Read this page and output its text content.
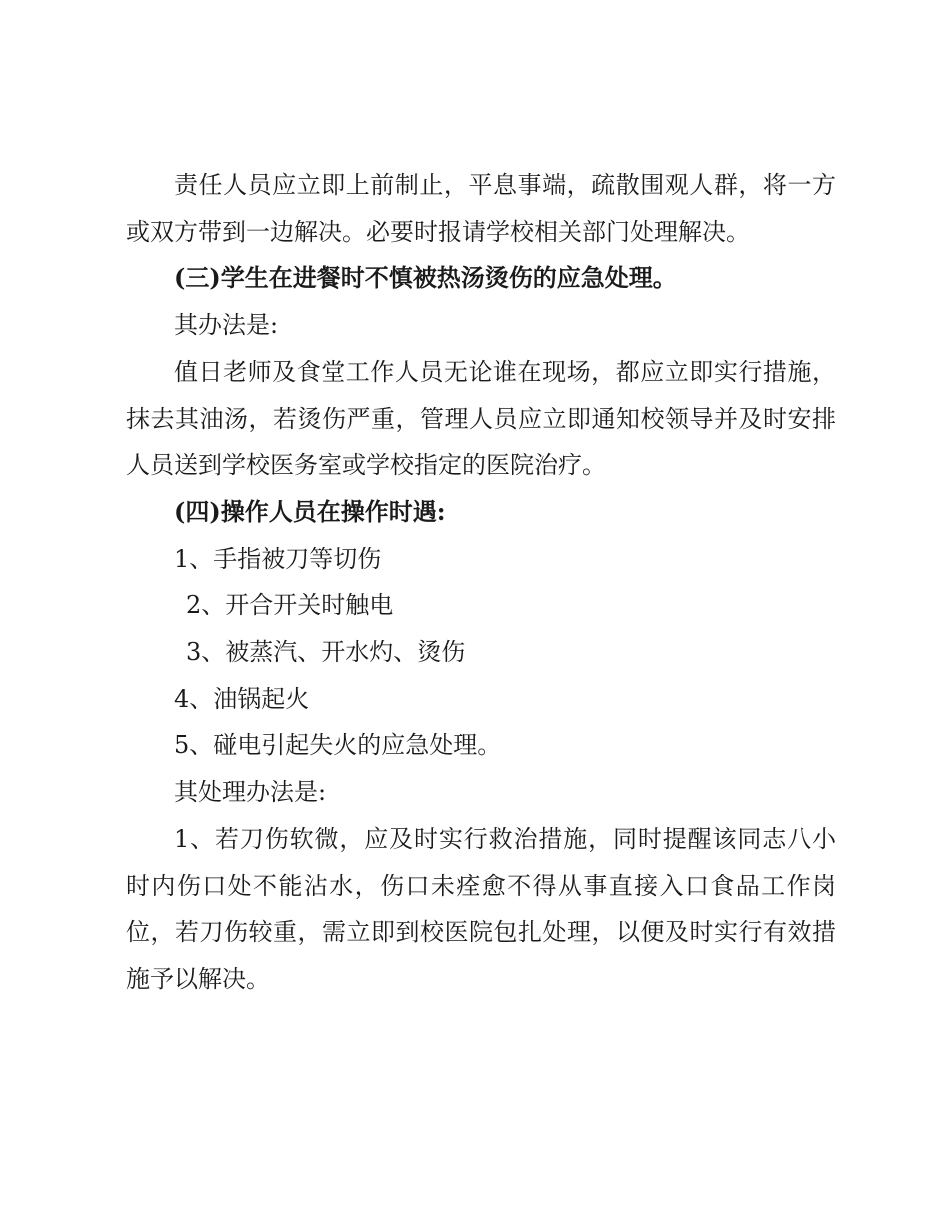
责任人员应立即上前制止，平息事端，疏散围观人群，将一方或双方带到一边解决。必要时报请学校相关部门处理解决。

(三)学生在进餐时不慎被热汤烫伤的应急处理。

其办法是:

值日老师及食堂工作人员无论谁在现场，都应立即实行措施，抹去其油汤，若烫伤严重，管理人员应立即通知校领导并及时安排人员送到学校医务室或学校指定的医院治疗。

(四)操作人员在操作时遇:

1、手指被刀等切伤

2、开合开关时触电

3、被蒸汽、开水灼、烫伤

4、油锅起火

5、碰电引起失火的应急处理。

其处理办法是:

1、若刀伤软微，应及时实行救治措施，同时提醒该同志八小时内伤口处不能沾水，伤口未痊愈不得从事直接入口食品工作岗位，若刀伤较重，需立即到校医院包扎处理，以便及时实行有效措施予以解决。
